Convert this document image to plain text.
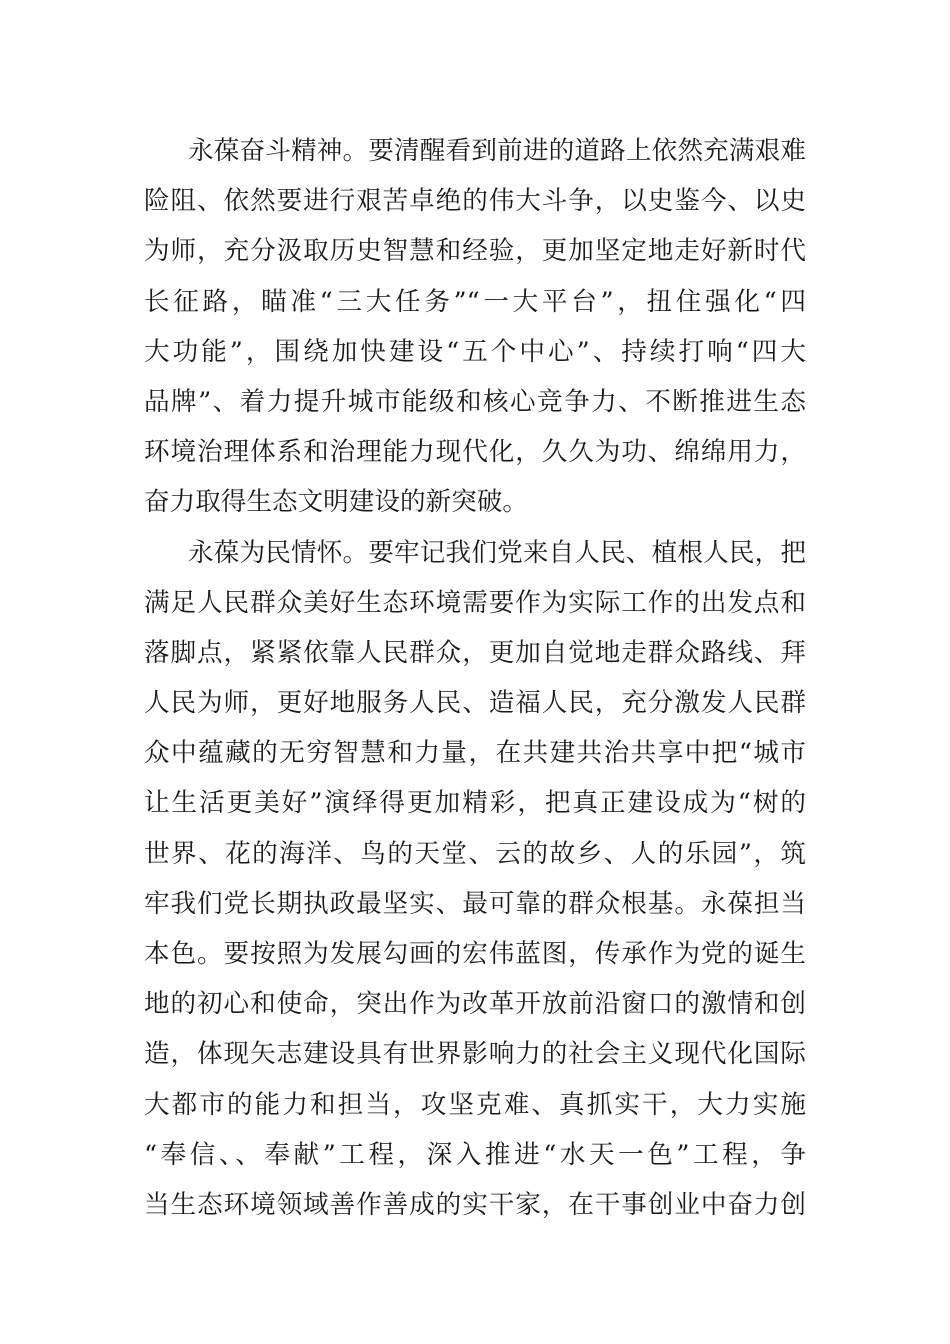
永葆奋斗精神。要清醒看到前进的道路上依然充满艰难
险阻、依然要进行艰苦卓绝的伟大斗争，以史鉴今、以史
为师，充分汲取历史智慧和经验，更加坚定地走好新时代
长征路，瞄准“三大任务”“一大平台”，扭住强化“四
大功能”，围绕加快建设“五个中心”、持续打响“四大
品牌”、着力提升城市能级和核心竞争力、不断推进生态
环境治理体系和治理能力现代化，久久为功、绵绵用力，
奋力取得生态文明建设的新突破。
永葆为民情怀。要牢记我们党来自人民、植根人民，把
满足人民群众美好生态环境需要作为实际工作的出发点和
落脚点，紧紧依靠人民群众，更加自觉地走群众路线、拜
人民为师，更好地服务人民、造福人民，充分激发人民群
众中蕴藏的无穷智慧和力量，在共建共治共享中把“城市
让生活更美好”演绎得更加精彩，把真正建设成为“树的
世界、花的海洋、鸟的天堂、云的故乡、人的乐园”，筑
牢我们党长期执政最坚实、最可靠的群众根基。永葆担当
本色。要按照为发展勾画的宏伟蓝图，传承作为党的诞生
地的初心和使命，突出作为改革开放前沿窗口的激情和创
造，体现矢志建设具有世界影响力的社会主义现代化国际
大都市的能力和担当，攻坚克难、真抓实干，大力实施
“奉信、、奉献”工程，深入推进“水天一色”工程，争
当生态环境领域善作善成的实干家，在干事创业中奋力创
